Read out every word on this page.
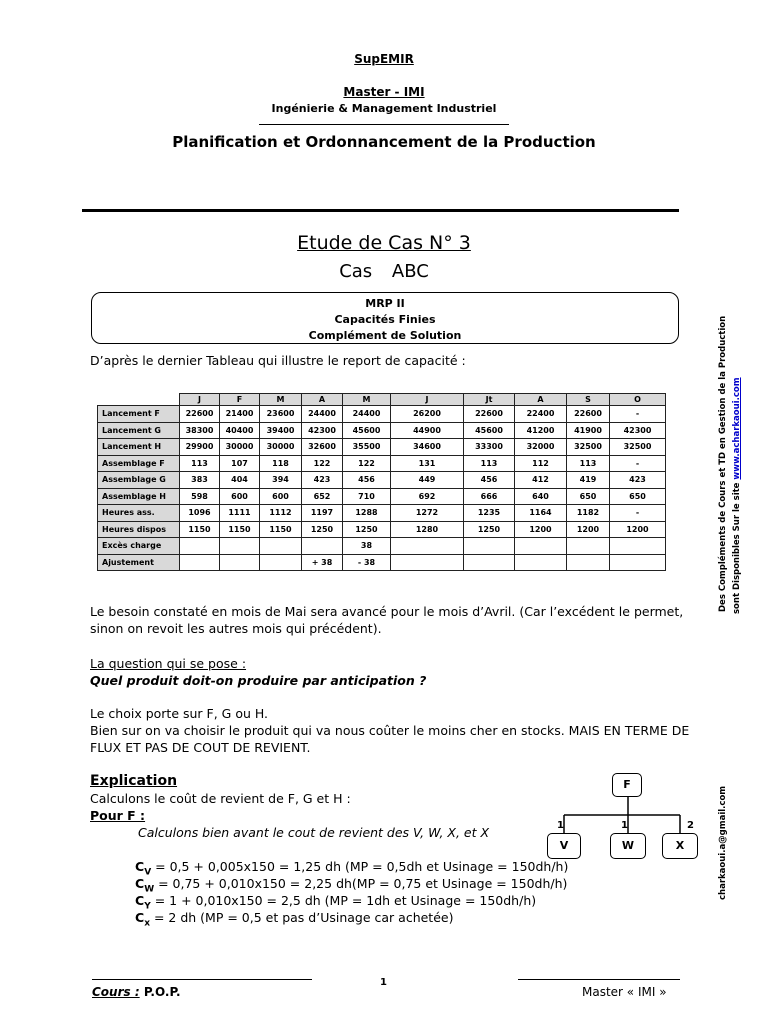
SupEMIR
Master - IMI
Ingénierie & Management Industriel
Planification et Ordonnancement de la Production
Etude de Cas N° 3
Cas ABC
MRP II
Capacités Finies
Complément de Solution
D’après le dernier Tableau qui illustre le report de capacité :
	J	F	M	A	M	J	Jt	A	S	O
Lancement F	22600	21400	23600	24400	24400	26200	22600	22400	22600	-
Lancement G	38300	40400	39400	42300	45600	44900	45600	41200	41900	42300
Lancement H	29900	30000	30000	32600	35500	34600	33300	32000	32500	32500
Assemblage F	113	107	118	122	122	131	113	112	113	-
Assemblage G	383	404	394	423	456	449	456	412	419	423
Assemblage H	598	600	600	652	710	692	666	640	650	650
Heures ass.	1096	1111	1112	1197	1288	1272	1235	1164	1182	-
Heures dispos	1150	1150	1150	1250	1250	1280	1250	1200	1200	1200
Excès charge					38					
Ajustement				+ 38	- 38					
Le besoin constaté en mois de Mai sera avancé pour le mois d’Avril. (Car l’excédent le permet,
sinon on revoit les autres mois qui précédent).
La question qui se pose :
Quel produit doit-on produire par anticipation ?
Le choix porte sur F, G ou H.
Bien sur on va choisir le produit qui va nous coûter le moins cher en stocks. MAIS EN TERME DE
FLUX ET PAS DE COUT DE REVIENT.
Explication
Calculons le coût de revient de F, G et H :
Pour F :
Calculons bien avant le cout de revient des V, W, X, et X
$C_V = 0,5 + 0,005x150 = 1,25$ dh (MP = 0,5dh et Usinage = 150dh/h)
$C_W = 0,75 + 0,010x150 = 2,25$ dh(MP = 0,75 et Usinage = 150dh/h)
$C_Y = 1 + 0,010x150 = 2,5$ dh (MP = 1dh et Usinage = 150dh/h)
$C_x = 2$ dh (MP = 0,5 et pas d’Usinage car achetée)
F
V	W	X
1	1	2
Des Compléments de Cours et TD en Gestion de la Production sont Disponibles Sur le site www.acharkaoui.com
charkaoui.a@gmail.com
Cours : P.O.P.
1
Master « IMI »
